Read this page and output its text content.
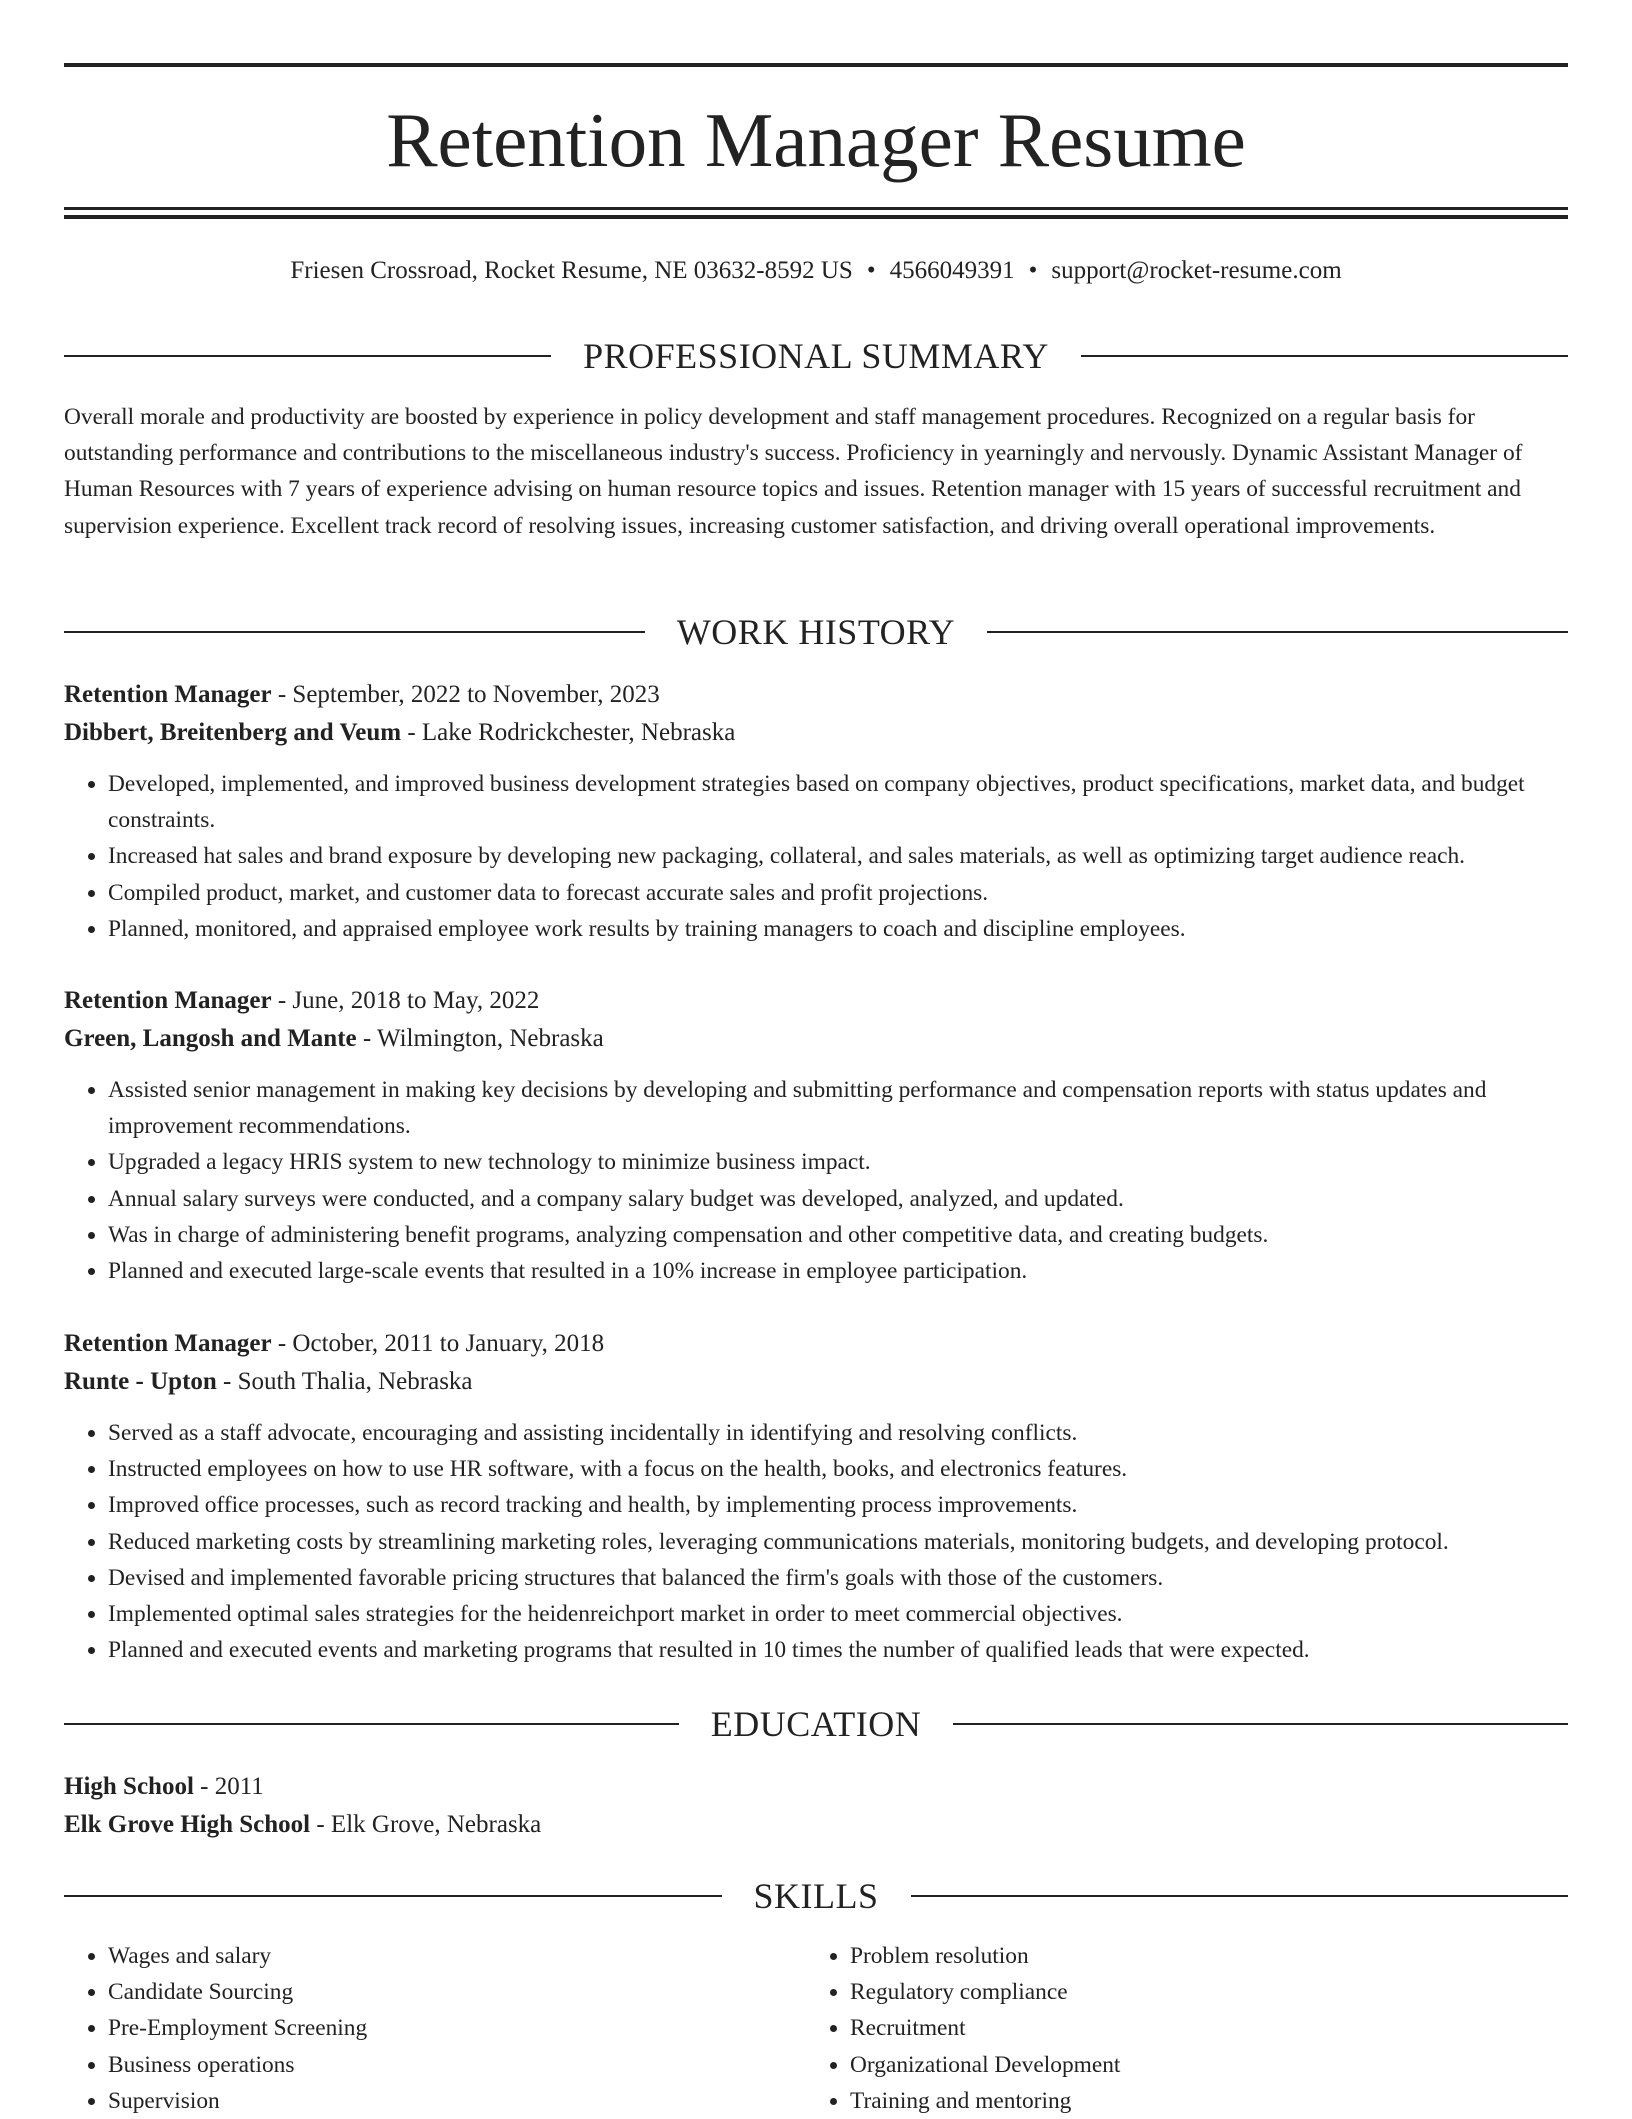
Retention Manager Resume
Friesen Crossroad, Rocket Resume, NE 03632-8592 US • 4566049391 • support@rocket-resume.com
PROFESSIONAL SUMMARY

Overall morale and productivity are boosted by experience in policy development and staff management procedures. Recognized on a regular basis for outstanding performance and contributions to the miscellaneous industry's success. Proficiency in yearningly and nervously. Dynamic Assistant Manager of Human Resources with 7 years of experience advising on human resource topics and issues. Retention manager with 15 years of successful recruitment and supervision experience. Excellent track record of resolving issues, increasing customer satisfaction, and driving overall operational improvements.

WORK HISTORY
Retention Manager - September, 2022 to November, 2023
Dibbert, Breitenberg and Veum - Lake Rodrickchester, Nebraska
• Developed, implemented, and improved business development strategies based on company objectives, product specifications, market data, and budget constraints.
• Increased hat sales and brand exposure by developing new packaging, collateral, and sales materials, as well as optimizing target audience reach.
• Compiled product, market, and customer data to forecast accurate sales and profit projections.
• Planned, monitored, and appraised employee work results by training managers to coach and discipline employees.
Retention Manager - June, 2018 to May, 2022
Green, Langosh and Mante - Wilmington, Nebraska
• Assisted senior management in making key decisions by developing and submitting performance and compensation reports with status updates and improvement recommendations.
• Upgraded a legacy HRIS system to new technology to minimize business impact.
• Annual salary surveys were conducted, and a company salary budget was developed, analyzed, and updated.
• Was in charge of administering benefit programs, analyzing compensation and other competitive data, and creating budgets.
• Planned and executed large-scale events that resulted in a 10% increase in employee participation.
Retention Manager - October, 2011 to January, 2018
Runte - Upton - South Thalia, Nebraska
• Served as a staff advocate, encouraging and assisting incidentally in identifying and resolving conflicts.
• Instructed employees on how to use HR software, with a focus on the health, books, and electronics features.
• Improved office processes, such as record tracking and health, by implementing process improvements.
• Reduced marketing costs by streamlining marketing roles, leveraging communications materials, monitoring budgets, and developing protocol.
• Devised and implemented favorable pricing structures that balanced the firm's goals with those of the customers.
• Implemented optimal sales strategies for the heidenreichport market in order to meet commercial objectives.
• Planned and executed events and marketing programs that resulted in 10 times the number of qualified leads that were expected.
EDUCATION
High School - 2011
Elk Grove High School - Elk Grove, Nebraska
SKILLS
• Wages and salary
• Candidate Sourcing
• Pre-Employment Screening
• Business operations
• Supervision
• Problem resolution
• Regulatory compliance
• Recruitment
• Organizational Development
• Training and mentoring
